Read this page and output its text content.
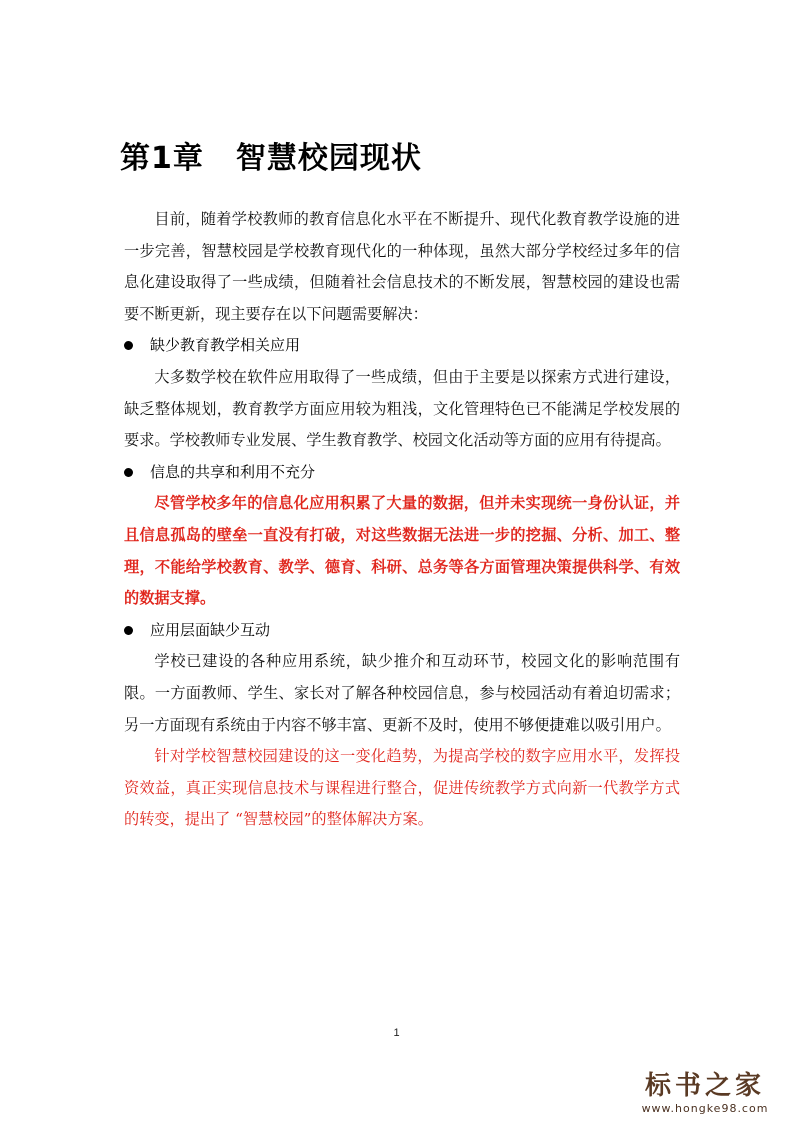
第1章 智慧校园现状

目前，随着学校教师的教育信息化水平在不断提升、现代化教育教学设施的进一步完善，智慧校园是学校教育现代化的一种体现，虽然大部分学校经过多年的信息化建设取得了一些成绩，但随着社会信息技术的不断发展，智慧校园的建设也需要不断更新，现主要存在以下问题需要解决：

缺少教育教学相关应用

大多数学校在软件应用取得了一些成绩，但由于主要是以探索方式进行建设，缺乏整体规划，教育教学方面应用较为粗浅，文化管理特色已不能满足学校发展的要求。学校教师专业发展、学生教育教学、校园文化活动等方面的应用有待提高。

信息的共享和利用不充分

尽管学校多年的信息化应用积累了大量的数据，但并未实现统一身份认证，并且信息孤岛的壁垒一直没有打破，对这些数据无法进一步的挖掘、分析、加工、整理，不能给学校教育、教学、德育、科研、总务等各方面管理决策提供科学、有效的数据支撑。

应用层面缺少互动

学校已建设的各种应用系统，缺少推介和互动环节，校园文化的影响范围有限。一方面教师、学生、家长对了解各种校园信息，参与校园活动有着迫切需求；另一方面现有系统由于内容不够丰富、更新不及时，使用不够便捷难以吸引用户。

针对学校智慧校园建设的这一变化趋势，为提高学校的数字应用水平，发挥投资效益，真正实现信息技术与课程进行整合，促进传统教学方式向新一代教学方式的转变，提出了 “智慧校园”的整体解决方案。

1
标书之家
www.hongke98.com
